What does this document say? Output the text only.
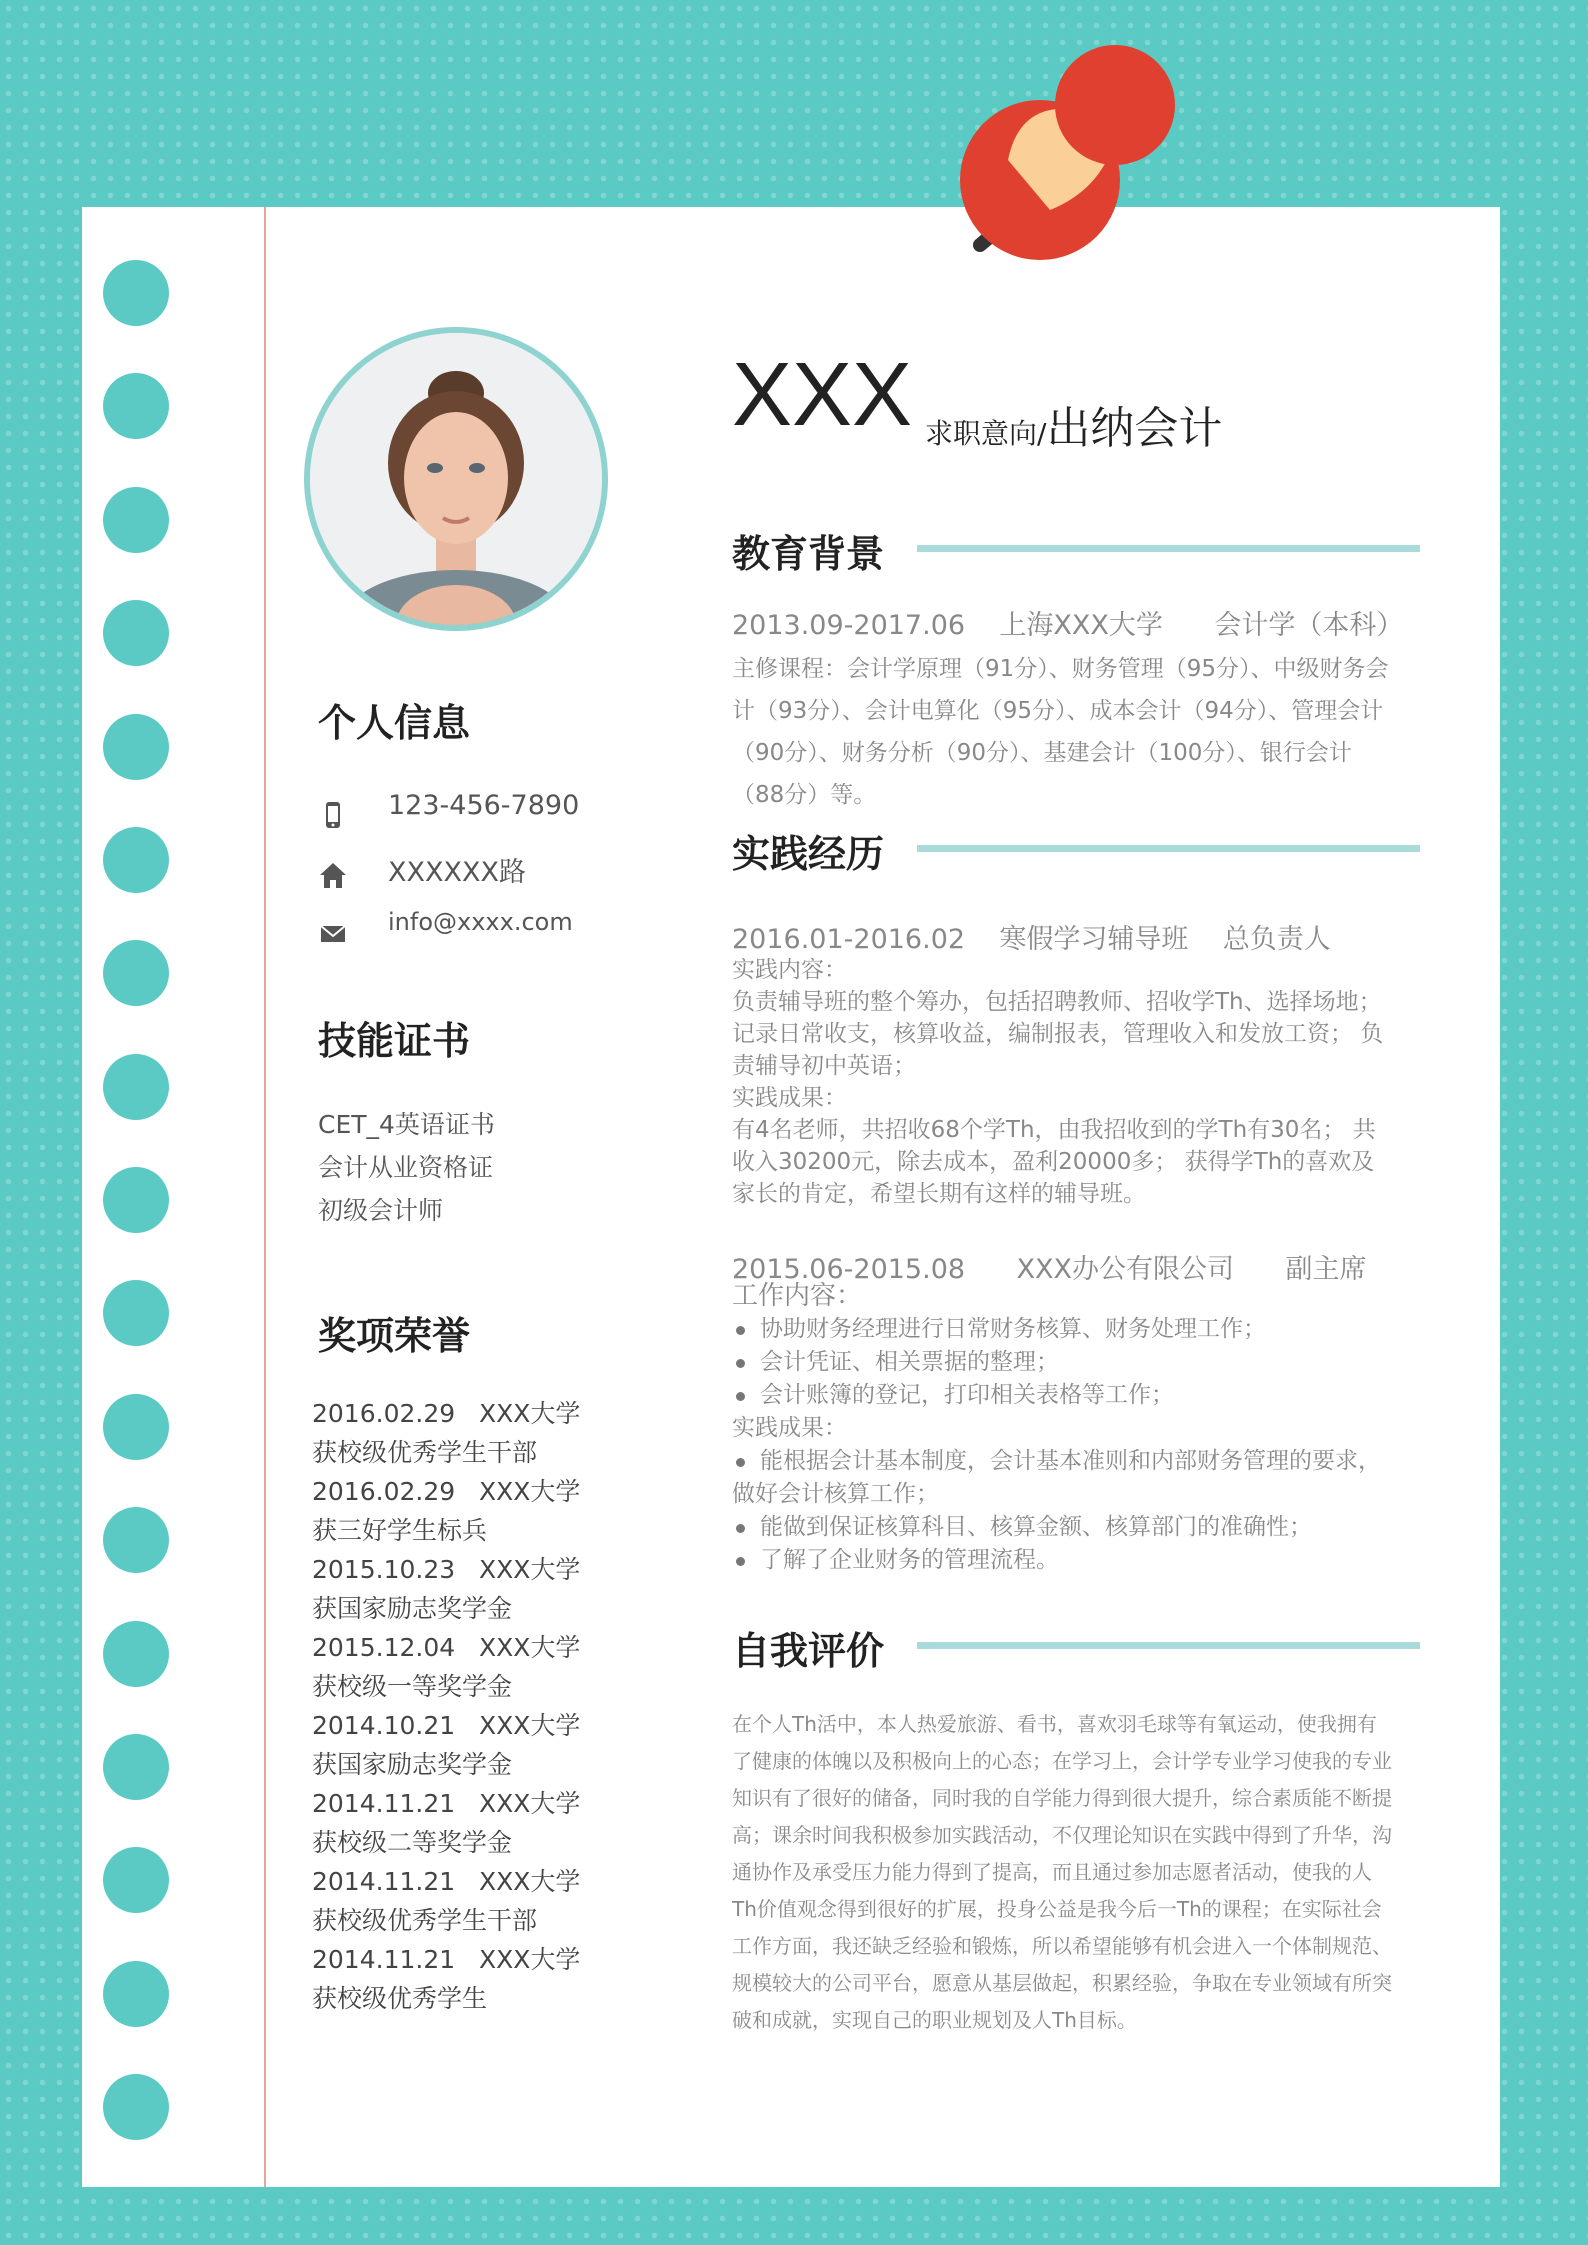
个人信息
123-456-7890
XXXXXX路
info@xxxx.com
技能证书
CET_4英语证书
会计从业资格证
初级会计师
奖项荣誉
2016.02.29 XXX大学
获校级优秀学生干部
2016.02.29 XXX大学
获三好学生标兵
2015.10.23 XXX大学
获国家励志奖学金
2015.12.04 XXX大学
获校级一等奖学金
2014.10.21 XXX大学
获国家励志奖学金
2014.11.21 XXX大学
获校级二等奖学金
2014.11.21 XXX大学
获校级优秀学生干部
2014.11.21 XXX大学
获校级优秀学生
XXX 求职意向/出纳会计
教育背景
2013.09-2017.06 上海XXX大学 会计学（本科）
主修课程：会计学原理（91分）、财务管理（95分）、中级财务会计（93分）、会计电算化（95分）、成本会计（94分）、管理会计（90分）、财务分析（90分）、基建会计（100分）、银行会计（88分）等。
实践经历
2016.01-2016.02 寒假学习辅导班 总负责人
实践内容：
负责辅导班的整个筹办，包括招聘教师、招收学Th、选择场地；记录日常收支，核算收益，编制报表，管理收入和发放工资； 负责辅导初中英语；
实践成果：
有4名老师，共招收68个学Th，由我招收到的学Th有30名； 共收入30200元，除去成本，盈利20000多； 获得学Th的喜欢及家长的肯定，希望长期有这样的辅导班。
2015.06-2015.08 XXX办公有限公司 副主席
工作内容：
协助财务经理进行日常财务核算、财务处理工作；
会计凭证、相关票据的整理；
会计账簿的登记，打印相关表格等工作；
实践成果：
能根据会计基本制度，会计基本准则和内部财务管理的要求，
做好会计核算工作；
能做到保证核算科目、核算金额、核算部门的准确性；
了解了企业财务的管理流程。
自我评价
在个人Th活中，本人热爱旅游、看书，喜欢羽毛球等有氧运动，使我拥有了健康的体魄以及积极向上的心态；在学习上，会计学专业学习使我的专业知识有了很好的储备，同时我的自学能力得到很大提升，综合素质能不断提高；课余时间我积极参加实践活动，不仅理论知识在实践中得到了升华，沟通协作及承受压力能力得到了提高，而且通过参加志愿者活动，使我的人Th价值观念得到很好的扩展，投身公益是我今后一Th的课程；在实际社会工作方面，我还缺乏经验和锻炼，所以希望能够有机会进入一个体制规范、规模较大的公司平台，愿意从基层做起，积累经验，争取在专业领域有所突破和成就，实现自己的职业规划及人Th目标。
